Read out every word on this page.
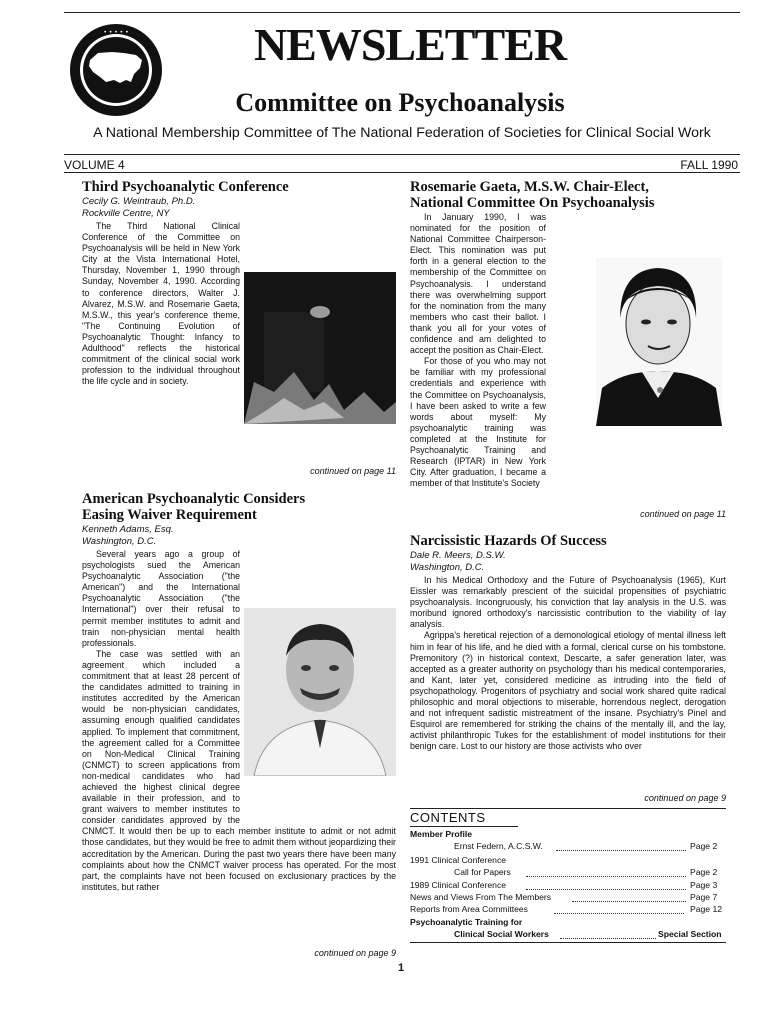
• • • • •	NEWSLETTER
Committee on Psychoanalysis
A National Membership Committee of The National Federation of Societies for Clinical Social Work
VOLUME 4	FALL 1990
Third Psychoanalytic Conference
Cecily G. Weintraub, Ph.D.
Rockville Centre, NY

The Third National Clinical Conference of the Committee on Psychoanalysis will be held in New York City at the Vista International Hotel, Thursday, November 1, 1990 through Sunday, November 4, 1990. According to conference directors, Walter J. Alvarez, M.S.W. and Rosemarie Gaeta, M.S.W., this year's conference theme, "The Continuing Evolution of Psychoanalytic Thought: Infancy to Adulthood" reflects the historical commitment of the clinical social work profession to the individual throughout the life cycle and in society.

continued on page 11
American Psychoanalytic Considers
Easing Waiver Requirement
Kenneth Adams, Esq.
Washington, D.C.

Several years ago a group of psychologists sued the American Psychoanalytic Association ("the American") and the International Psychoanalytic Association ("the International") over their refusal to permit member institutes to admit and train non-physician mental health professionals.

The case was settled with an agreement which included a commitment that at least 28 percent of the candidates admitted to training in institutes accredited by the American would be non-physician candidates, assuming enough qualified candidates applied. To implement that commitment, the agreement called for a Committee on Non-Medical Clinical Training (CNMCT) to screen applications from non-medical candidates who had achieved the highest clinical degree available in their profession, and to grant waivers to member institutes to consider candidates approved by the CNMCT. It would then be up to each member institute to admit or not admit those candidates, but they would be free to admit them without jeopardizing their accreditation by the American. During the past two years there have been many complaints about how the CNMCT waiver process has operated. For the most part, the complaints have not been focused on exclusionary practices by the institutes, but rather

continued on page 9
Rosemarie Gaeta, M.S.W. Chair-Elect,
National Committee On Psychoanalysis

In January 1990, I was nominated for the position of National Committee Chairperson-Elect. This nomination was put forth in a general election to the membership of the Committee on Psychoanalysis. I understand there was overwhelming support for the nomination from the many members who cast their ballot. I thank you all for your votes of confidence and am delighted to accept the position as Chair-Elect.

For those of you who may not be familiar with my professional credentials and experience with the Committee on Psychoanalysis, I have been asked to write a few words about myself: My psychoanalytic training was completed at the Institute for Psychoanalytic Training and Research (IPTAR) in New York City. After graduation, I became a member of that Institute's Society

continued on page 11
Narcissistic Hazards Of Success
Dale R. Meers, D.S.W.
Washington, D.C.

In his Medical Orthodoxy and the Future of Psychoanalysis (1965), Kurt Eissler was remarkably prescient of the suicidal propensities of psychiatric psychoanalysis. Incongruously, his conviction that lay analysis in the U.S. was moribund ignored orthodoxy's narcissistic contribution to the viability of lay analysis.

Agrippa's heretical rejection of a demonological etiology of mental illness left him in fear of his life, and he died with a formal, clerical curse on his tombstone. Premonitory (?) in historical context, Descarte, a safer generation later, was accepted as a greater authority on psychology than his medical contemporaries, and Kant, later yet, considered medicine as intruding into the field of psychopathology. Progenitors of psychiatry and social work shared quite radical philosophic and moral objections to miserable, horrendous neglect, derogation and not infrequent sadistic mistreatment of the insane. Psychiatry's Pinel and Esquirol are remembered for striking the chains of the mentally ill, and the lay, activist philanthropic Tukes for the establishment of model institutions for their benign care. Lost to our history are those activists who over

continued on page 9
CONTENTS
Member Profile
Ernst Federn, A.C.S.W.	Page 2
1991 Clinical Conference
Call for Papers	Page 2
1989 Clinical Conference	Page 3
News and Views From The Members	Page 7
Reports from Area Committees	Page 12
Psychoanalytic Training for
Clinical Social Workers	Special Section
1
